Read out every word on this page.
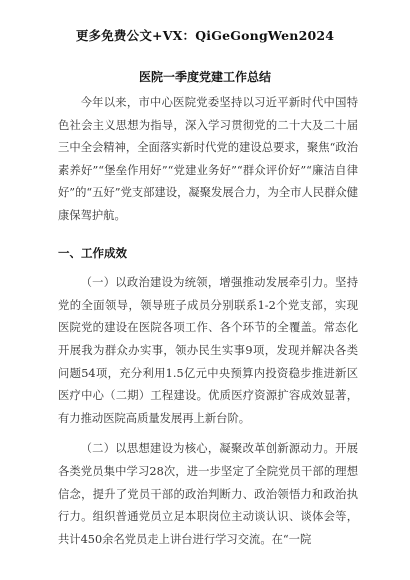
更多免费公文+VX：QiGeGongWen2024
医院一季度党建工作总结

今年以来，市中心医院党委坚持以习近平新时代中国特色社会主义思想为指导，深入学习贯彻党的二十大及二十届三中全会精神，全面落实新时代党的建设总要求，聚焦“政治素养好”“堡垒作用好”“党建业务好”“群众评价好”“廉洁自律好”的“五好”党支部建设，凝聚发展合力，为全市人民群众健康保驾护航。

一、工作成效

（一）以政治建设为统领，增强推动发展牵引力。坚持党的全面领导，领导班子成员分别联系1-2个党支部，实现医院党的建设在医院各项工作、各个环节的全覆盖。常态化开展我为群众办实事，领办民生实事9项，发现并解决各类问题54项，充分利用1.5亿元中央预算内投资稳步推进新区医疗中心（二期）工程建设。优质医疗资源扩容成效显著，有力推动医院高质量发展再上新台阶。

（二）以思想建设为核心，凝聚改革创新源动力。开展各类党员集中学习28次，进一步坚定了全院党员干部的理想信念，提升了党员干部的政治判断力、政治领悟力和政治执行力。组织普通党员立足本职岗位主动谈认识、谈体会等，共计450余名党员走上讲台进行学习交流。在“一院
